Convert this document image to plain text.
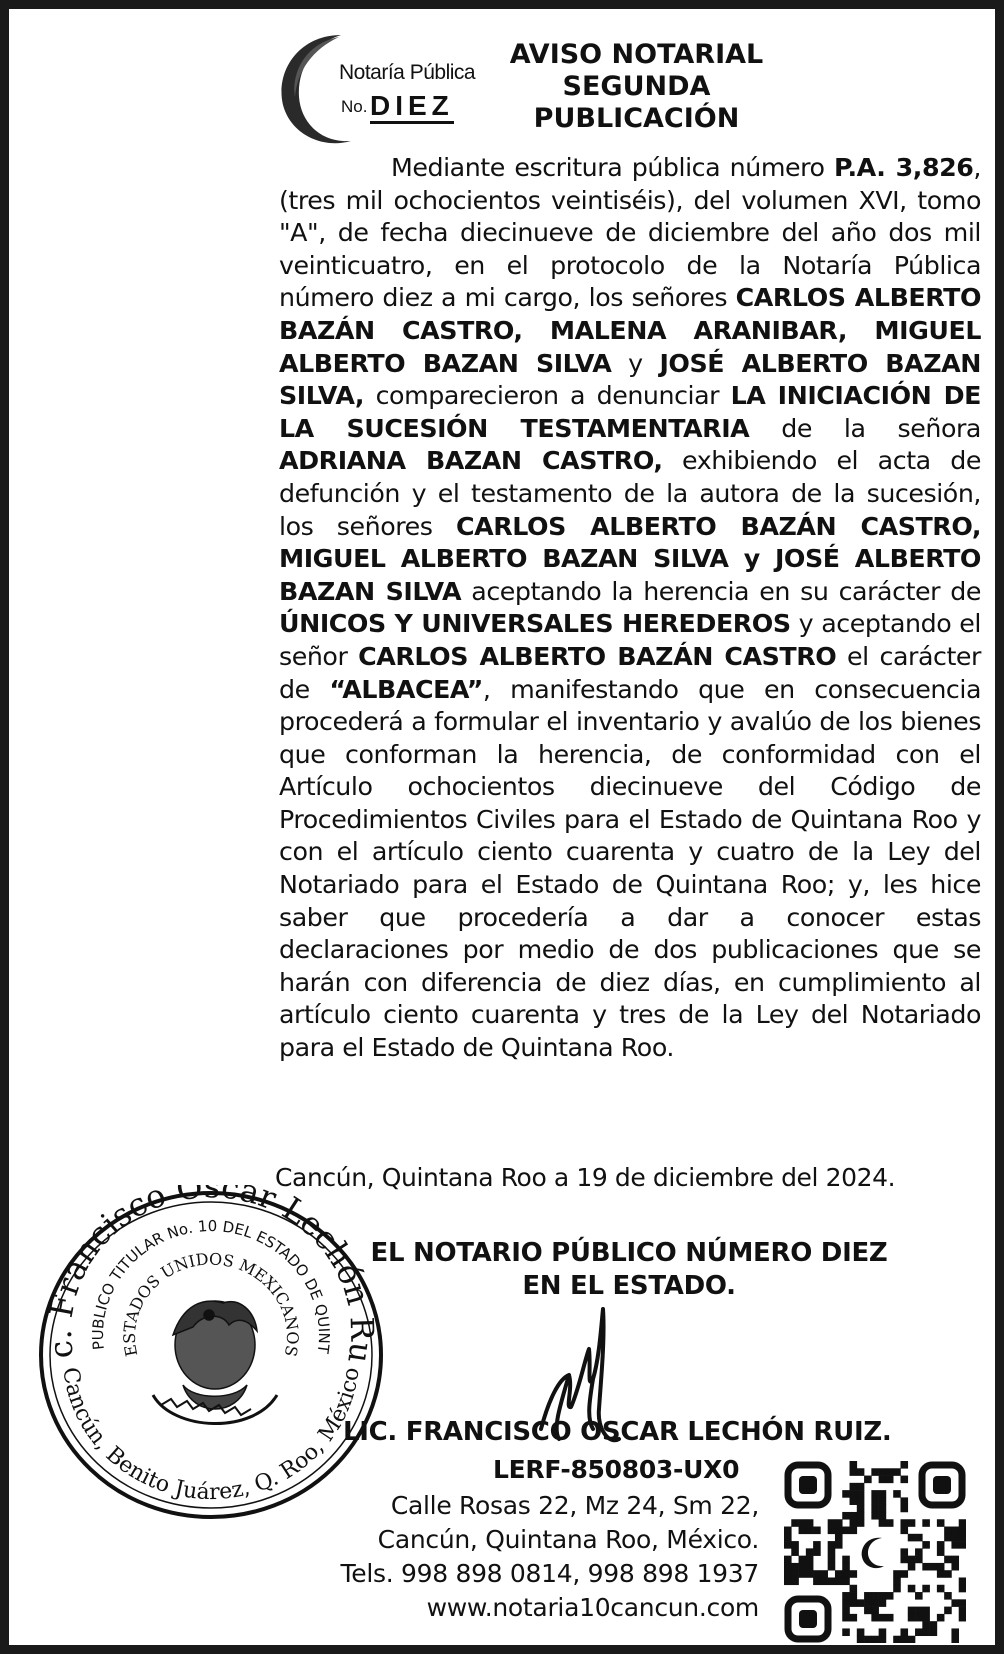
Notaría Pública
No. DIEZ
AVISO NOTARIAL
SEGUNDA
PUBLICACIÓN
Mediante escritura pública número P.A. 3,826, (tres mil ochocientos veintiséis), del volumen XVI, tomo "A", de fecha diecinueve de diciembre del año dos mil veinticuatro, en el protocolo de la Notaría Pública número diez a mi cargo, los señores CARLOS ALBERTO BAZÁN CASTRO, MALENA ARANIBAR, MIGUEL ALBERTO BAZAN SILVA y JOSÉ ALBERTO BAZAN SILVA, comparecieron a denunciar LA INICIACIÓN DE LA SUCESIÓN TESTAMENTARIA de la señora ADRIANA BAZAN CASTRO, exhibiendo el acta de defunción y el testamento de la autora de la sucesión, los señores CARLOS ALBERTO BAZÁN CASTRO, MIGUEL ALBERTO BAZAN SILVA y JOSÉ ALBERTO BAZAN SILVA aceptando la herencia en su carácter de ÚNICOS Y UNIVERSALES HEREDEROS y aceptando el señor CARLOS ALBERTO BAZÁN CASTRO el carácter de “ALBACEA”, manifestando que en consecuencia procederá a formular el inventario y avalúo de los bienes que conforman la herencia, de conformidad con el Artículo ochocientos diecinueve del Código de Procedimientos Civiles para el Estado de Quintana Roo y con el artículo ciento cuarenta y cuatro de la Ley del Notariado para el Estado de Quintana Roo; y, les hice saber que procedería a dar a conocer estas declaraciones por medio de dos publicaciones que se harán con diferencia de diez días, en cumplimiento al artículo ciento cuarenta y tres de la Ley del Notariado para el Estado de Quintana Roo.
Cancún, Quintana Roo a 19 de diciembre del 2024.
c. Francisco Oscar Lechón Ru
PUBLICO TITULAR No. 10 DEL ESTADO DE QUINT
ESTADOS UNIDOS MEXICANOS
Cancún, Benito Juárez, Q. Roo, México
EL NOTARIO PÚBLICO NÚMERO DIEZ
EN EL ESTADO.
LIC. FRANCISCO OSCAR LECHÓN RUIZ.
LERF-850803-UX0
Calle Rosas 22, Mz 24, Sm 22,
Cancún, Quintana Roo, México.
Tels. 998 898 0814, 998 898 1937
www.notaria10cancun.com
